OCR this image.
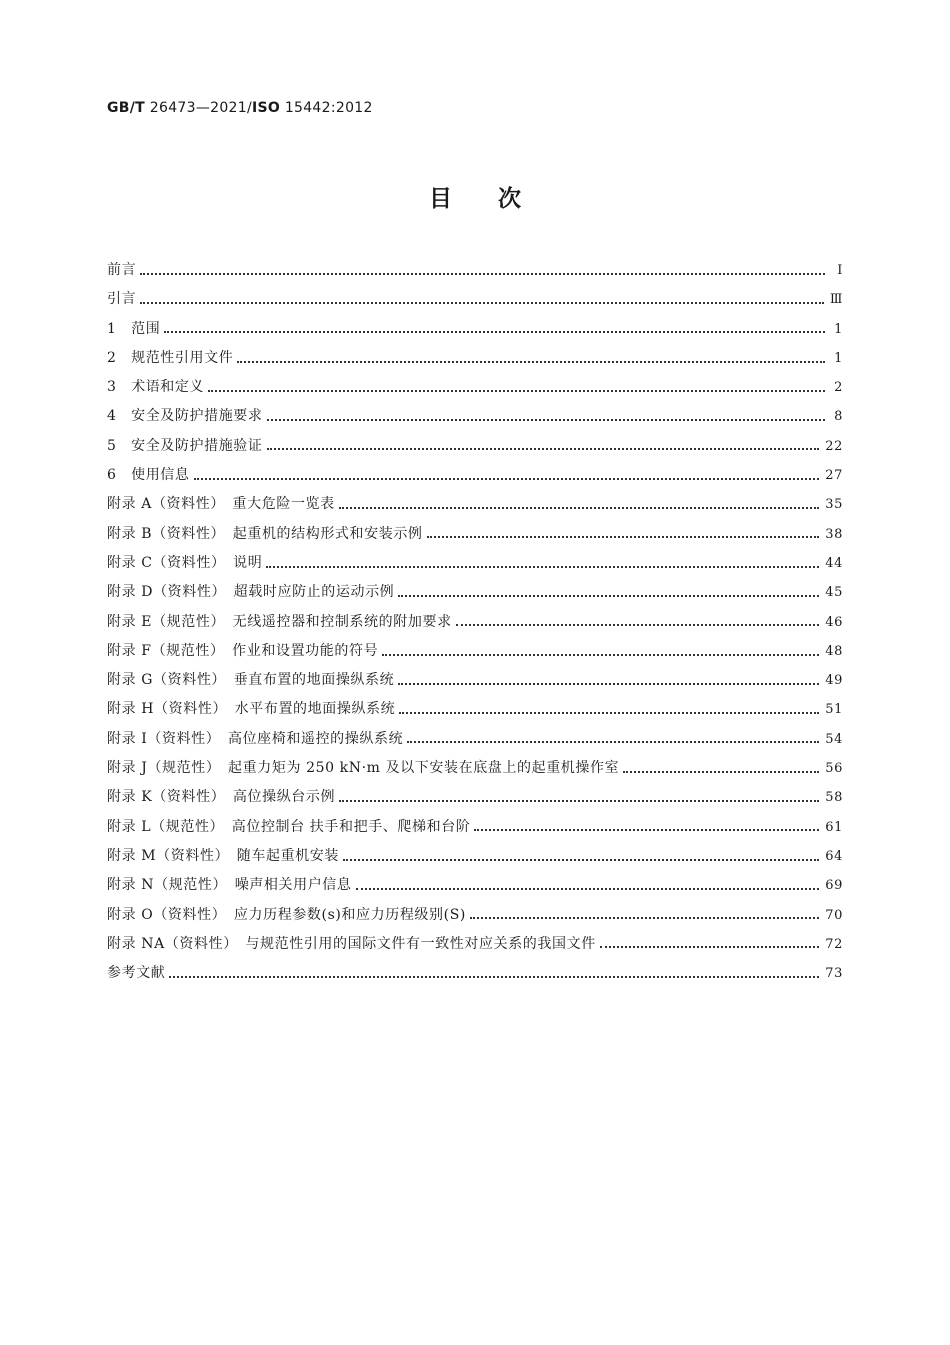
GB/T 26473—2021/ISO 15442:2012
目次
前言	Ⅰ
引言	Ⅲ
1　范围	1
2　规范性引用文件	1
3　术语和定义	2
4　安全及防护措施要求	8
5　安全及防护措施验证	22
6　使用信息	27
附录 A（资料性）　重大危险一览表	35
附录 B（资料性）　起重机的结构形式和安装示例	38
附录 C（资料性）　说明	44
附录 D（资料性）　超载时应防止的运动示例	45
附录 E（规范性）　无线遥控器和控制系统的附加要求	46
附录 F（规范性）　作业和设置功能的符号	48
附录 G（资料性）　垂直布置的地面操纵系统	49
附录 H（资料性）　水平布置的地面操纵系统	51
附录 I（资料性）　高位座椅和遥控的操纵系统	54
附录 J（规范性）　起重力矩为 250 kN·m 及以下安装在底盘上的起重机操作室	56
附录 K（资料性）　高位操纵台示例	58
附录 L（规范性）　高位控制台 扶手和把手、爬梯和台阶	61
附录 M（资料性）　随车起重机安装	64
附录 N（规范性）　噪声相关用户信息	69
附录 O（资料性）　应力历程参数(s)和应力历程级别(S)	70
附录 NA（资料性）　与规范性引用的国际文件有一致性对应关系的我国文件	72
参考文献	73
